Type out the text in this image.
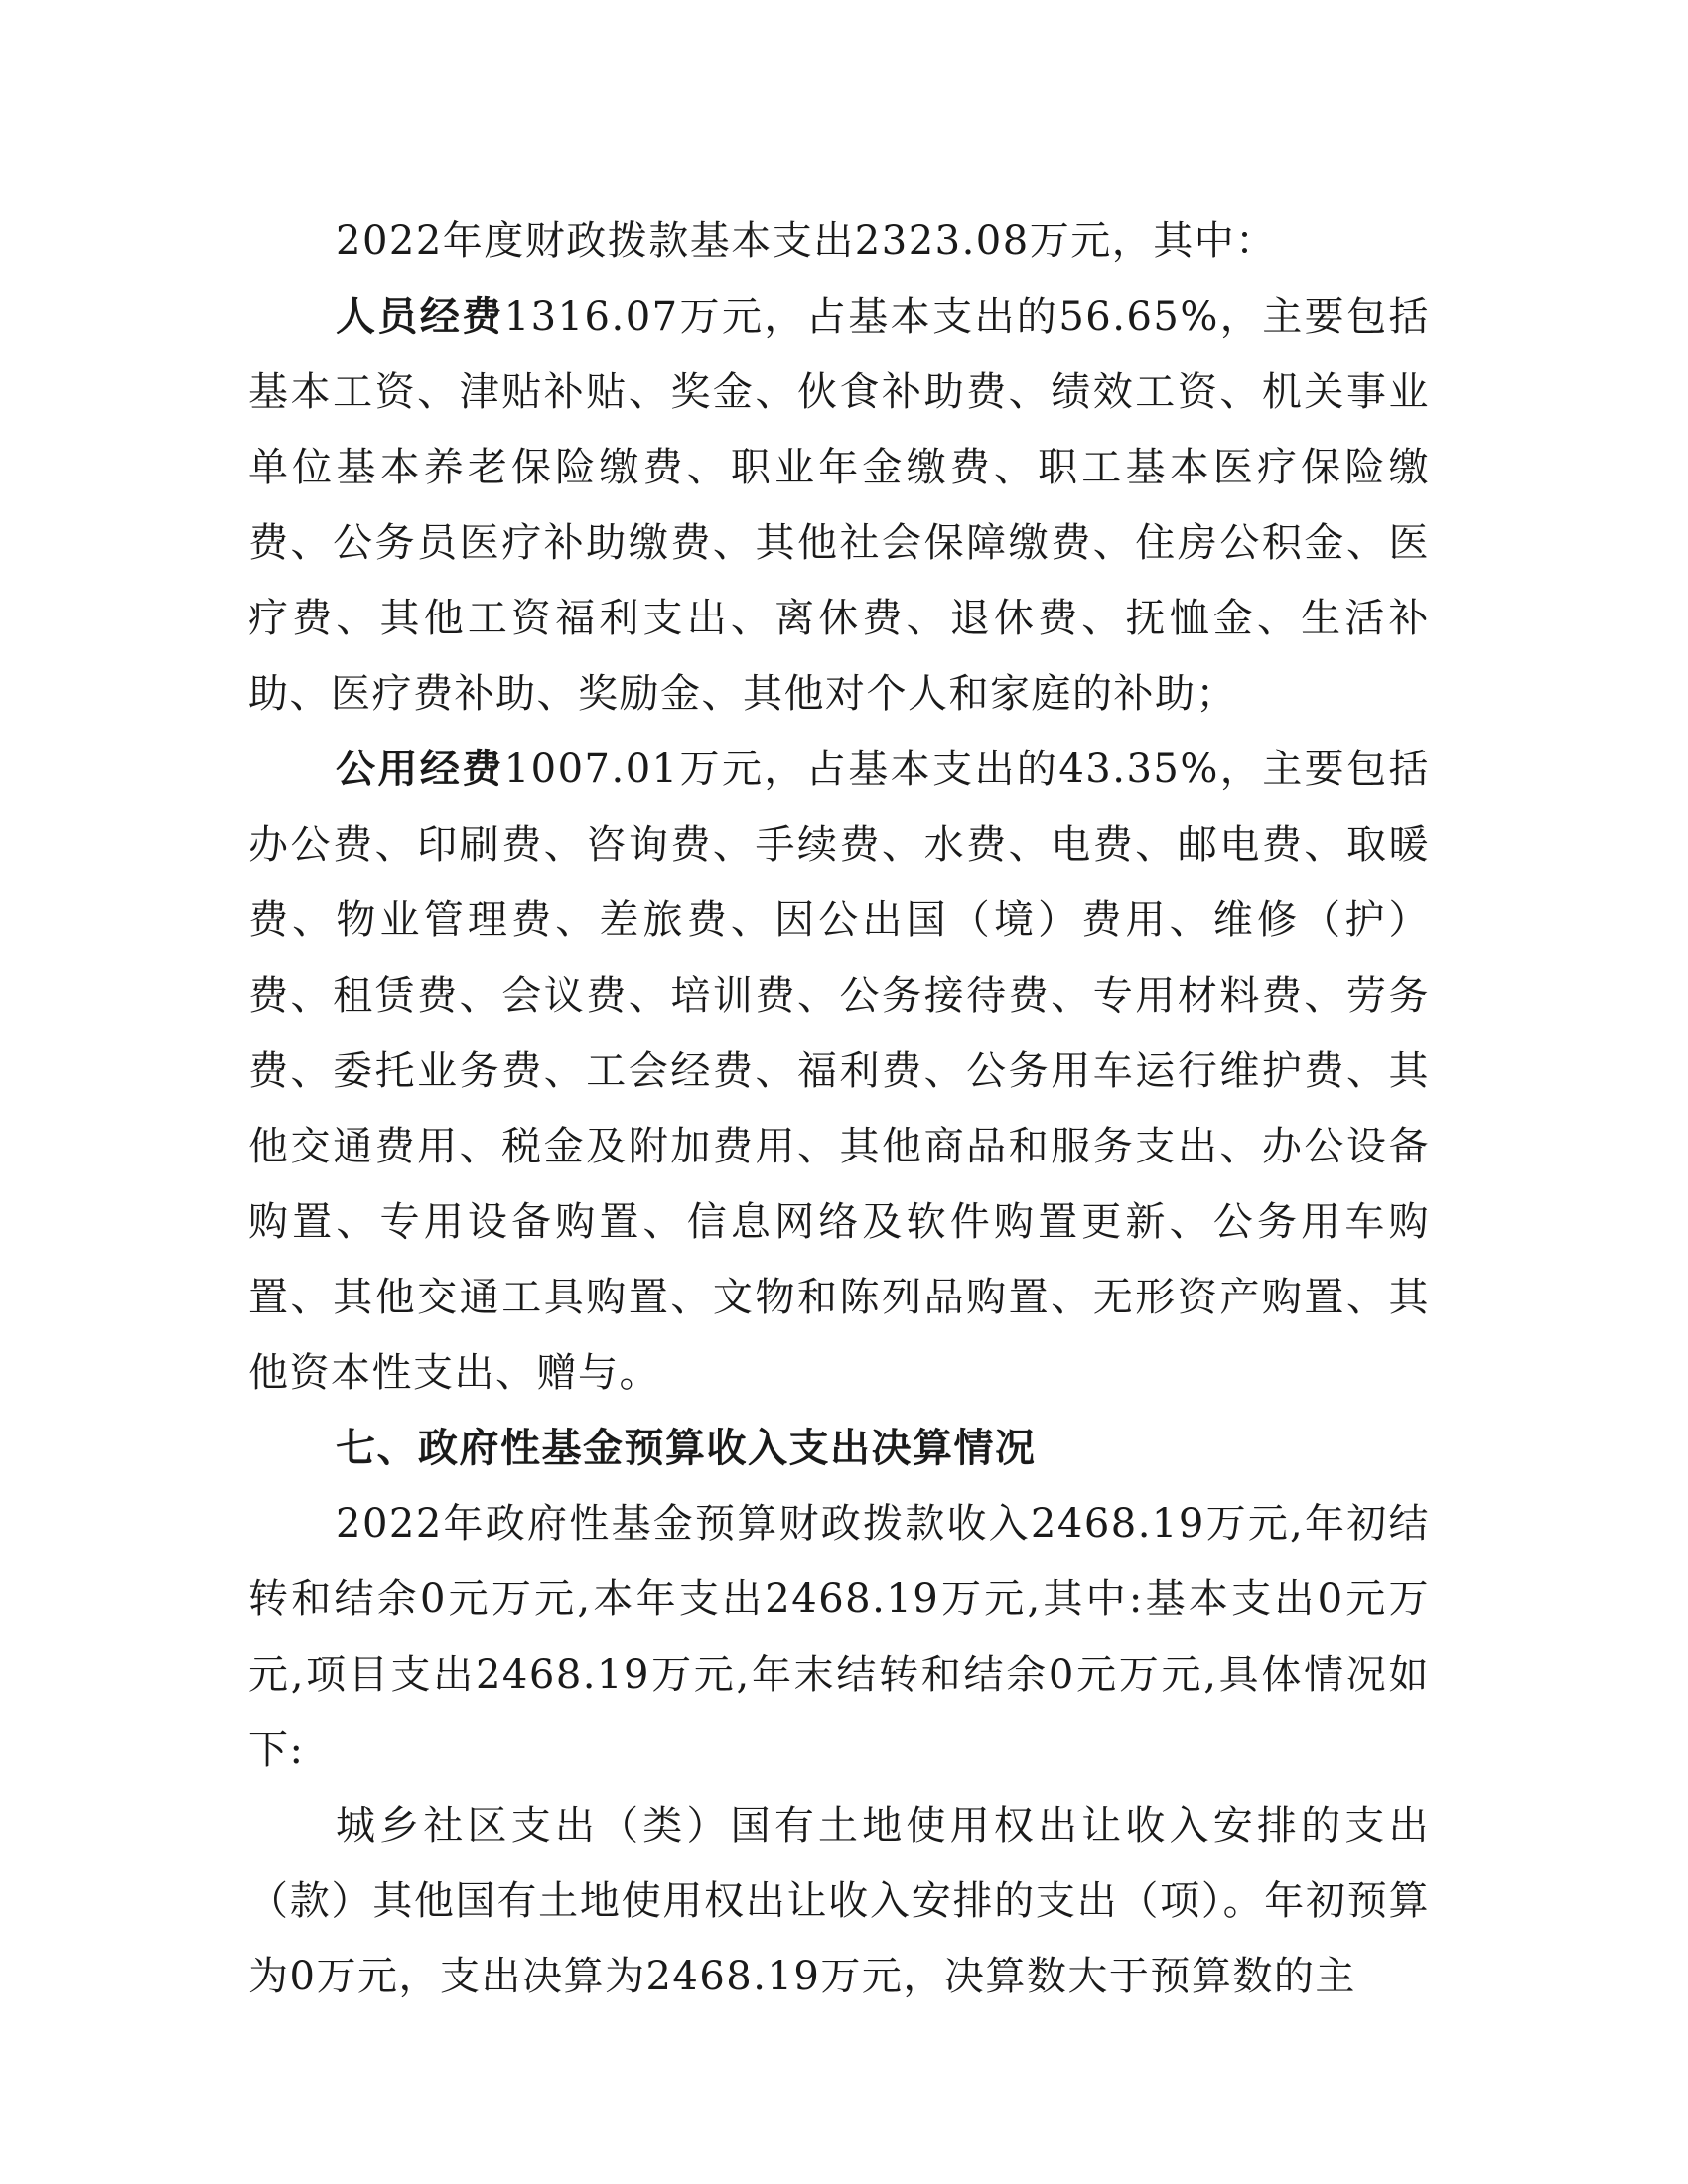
2022年度财政拨款基本支出2323.08万元，其中：

人员经费1316.07万元，占基本支出的56.65%，主要包括基本工资、津贴补贴、奖金、伙食补助费、绩效工资、机关事业单位基本养老保险缴费、职业年金缴费、职工基本医疗保险缴费、公务员医疗补助缴费、其他社会保障缴费、住房公积金、医疗费、其他工资福利支出、离休费、退休费、抚恤金、生活补助、医疗费补助、奖励金、其他对个人和家庭的补助；

公用经费1007.01万元，占基本支出的43.35%，主要包括办公费、印刷费、咨询费、手续费、水费、电费、邮电费、取暖费、物业管理费、差旅费、因公出国（境）费用、维修（护）费、租赁费、会议费、培训费、公务接待费、专用材料费、劳务费、委托业务费、工会经费、福利费、公务用车运行维护费、其他交通费用、税金及附加费用、其他商品和服务支出、办公设备购置、专用设备购置、信息网络及软件购置更新、公务用车购置、其他交通工具购置、文物和陈列品购置、无形资产购置、其他资本性支出、赠与。

七、政府性基金预算收入支出决算情况

2022年政府性基金预算财政拨款收入2468.19万元,年初结转和结余0元万元,本年支出2468.19万元,其中:基本支出0元万元,项目支出2468.19万元,年末结转和结余0元万元,具体情况如下:

城乡社区支出（类）国有土地使用权出让收入安排的支出（款）其他国有土地使用权出让收入安排的支出（项）。年初预算为0万元，支出决算为2468.19万元，决算数大于预算数的主
